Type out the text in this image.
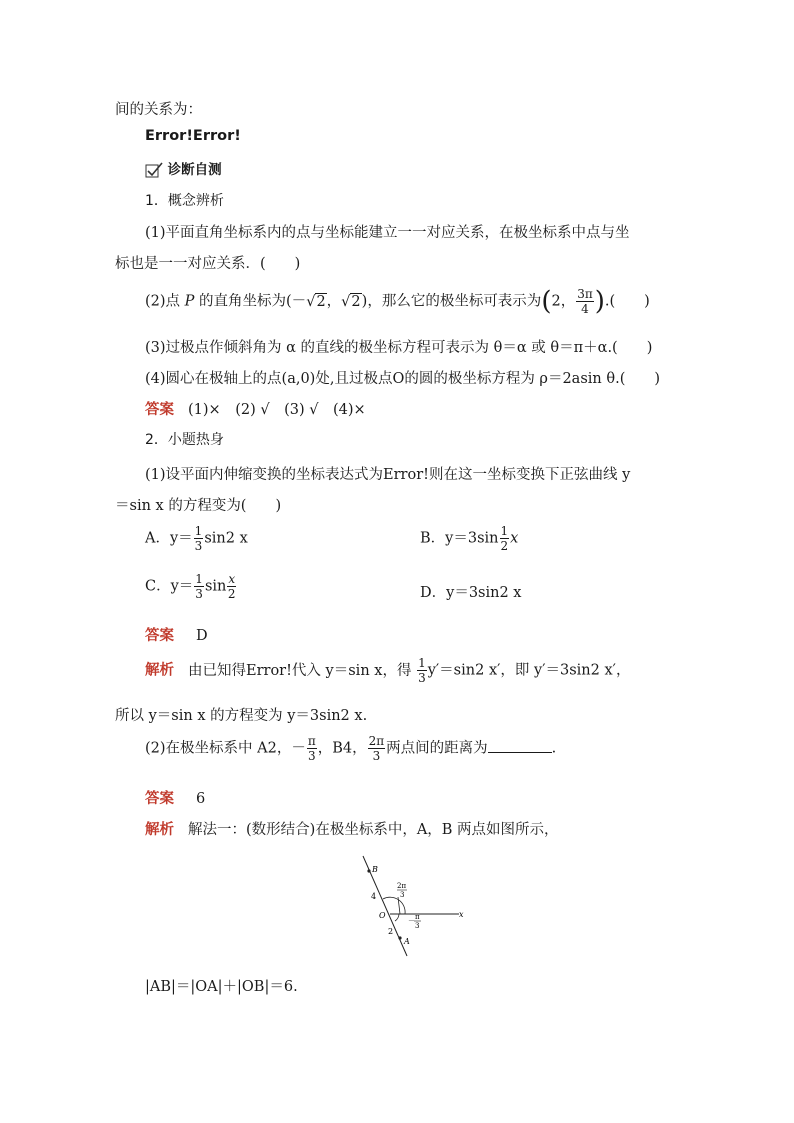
间的关系为：
Error!Error!
诊断自测
1．概念辨析
(1)平面直角坐标系内的点与坐标能建立一一对应关系，在极坐标系中点与坐
标也是一一对应关系．(　　)
(2)点 P 的直角坐标为(－√2，√2)，那么它的极坐标可表示为(2， $\frac{3\pi}{4}$ ).(　　)
(3)过极点作倾斜角为 α 的直线的极坐标方程可表示为 θ＝α 或 θ＝π＋α.(　　)
(4)圆心在极轴上的点(a,0)处,且过极点O的圆的极坐标方程为 ρ＝2asin θ.(　　)
答案 (1)×　(2) √　(3) √　(4)×
2．小题热身
(1)设平面内伸缩变换的坐标表达式为Error!则在这一坐标变换下正弦曲线 y
＝sin x 的方程变为(　　)
A．$y= \frac{1}{3} \sin 2$ x	B．$y=3\sin \frac{1}{2}$ x
C．$y= \frac{1}{3}$ $\sin \frac{x}{2}$	D．y＝3sin2 x
答案 D
解析 由已知得Error!代入 y＝sin x，得 $\frac{1}{3} y'=\sin 2$ x′，即 y′＝3sin2 x′，
所以 y＝sin x 的方程变为 y＝3sin2 x.
(2)在极坐标系中 A2，－ $\frac{\pi}{3}$ ，B4， $\frac{2\pi}{3}$ 两点间的距离为	.
答案 6
解析 解法一：(数形结合)在极坐标系中，A，B 两点如图所示，
B
A
O	x
4
2
2π
3
－ π
3
|AB|＝|OA|＋|OB|＝6.
